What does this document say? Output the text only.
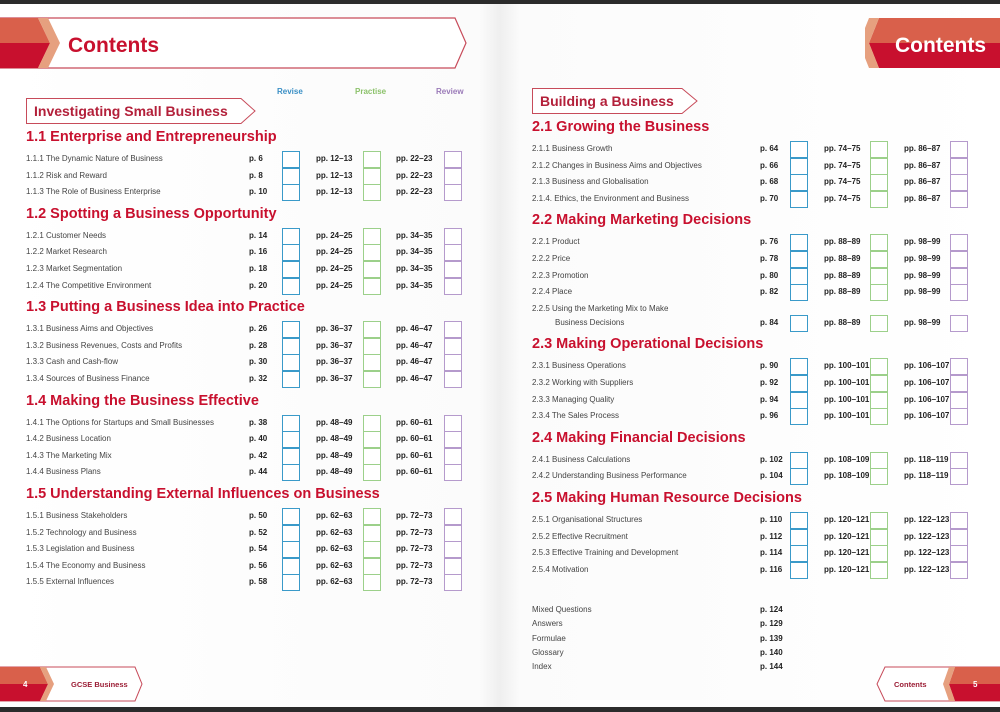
Contents
Revise	Practise	Review
Investigating Small Business
1.1 Enterprise and Entrepreneurship
1.1.1 The Dynamic Nature of Business	p. 6	pp. 12–13	pp. 22–23
1.1.2 Risk and Reward	p. 8	pp. 12–13	pp. 22–23
1.1.3 The Role of Business Enterprise	p. 10	pp. 12–13	pp. 22–23
1.2 Spotting a Business Opportunity
1.2.1 Customer Needs	p. 14	pp. 24–25	pp. 34–35
1.2.2 Market Research	p. 16	pp. 24–25	pp. 34–35
1.2.3 Market Segmentation	p. 18	pp. 24–25	pp. 34–35
1.2.4 The Competitive Environment	p. 20	pp. 24–25	pp. 34–35
1.3 Putting a Business Idea into Practice
1.3.1 Business Aims and Objectives	p. 26	pp. 36–37	pp. 46–47
1.3.2 Business Revenues, Costs and Profits	p. 28	pp. 36–37	pp. 46–47
1.3.3 Cash and Cash-flow	p. 30	pp. 36–37	pp. 46–47
1.3.4 Sources of Business Finance	p. 32	pp. 36–37	pp. 46–47
1.4 Making the Business Effective
1.4.1 The Options for Startups and Small Businesses	p. 38	pp. 48–49	pp. 60–61
1.4.2 Business Location	p. 40	pp. 48–49	pp. 60–61
1.4.3 The Marketing Mix	p. 42	pp. 48–49	pp. 60–61
1.4.4 Business Plans	p. 44	pp. 48–49	pp. 60–61
1.5 Understanding External Influences on Business
1.5.1 Business Stakeholders	p. 50	pp. 62–63	pp. 72–73
1.5.2 Technology and Business	p. 52	pp. 62–63	pp. 72–73
1.5.3 Legislation and Business	p. 54	pp. 62–63	pp. 72–73
1.5.4 The Economy and Business	p. 56	pp. 62–63	pp. 72–73
1.5.5 External Influences	p. 58	pp. 62–63	pp. 72–73
4	GCSE Business
Contents
Building a Business
2.1 Growing the Business
2.1.1 Business Growth	p. 64	pp. 74–75	pp. 86–87
2.1.2 Changes in Business Aims and Objectives	p. 66	pp. 74–75	pp. 86–87
2.1.3 Business and Globalisation	p. 68	pp. 74–75	pp. 86–87
2.1.4. Ethics, the Environment and Business	p. 70	pp. 74–75	pp. 86–87
2.2 Making Marketing Decisions
2.2.1 Product	p. 76	pp. 88–89	pp. 98–99
2.2.2 Price	p. 78	pp. 88–89	pp. 98–99
2.2.3 Promotion	p. 80	pp. 88–89	pp. 98–99
2.2.4 Place	p. 82	pp. 88–89	pp. 98–99
2.2.5 Using the Marketing Mix to Make
Business Decisions	p. 84	pp. 88–89	pp. 98–99
2.3 Making Operational Decisions
2.3.1 Business Operations	p. 90	pp. 100–101	pp. 106–107
2.3.2 Working with Suppliers	p. 92	pp. 100–101	pp. 106–107
2.3.3 Managing Quality	p. 94	pp. 100–101	pp. 106–107
2.3.4 The Sales Process	p. 96	pp. 100–101	pp. 106–107
2.4 Making Financial Decisions
2.4.1 Business Calculations	p. 102	pp. 108–109	pp. 118–119
2.4.2 Understanding Business Performance	p. 104	pp. 108–109	pp. 118–119
2.5 Making Human Resource Decisions
2.5.1 Organisational Structures	p. 110	pp. 120–121	pp. 122–123
2.5.2 Effective Recruitment	p. 112	pp. 120–121	pp. 122–123
2.5.3 Effective Training and Development	p. 114	pp. 120–121	pp. 122–123
2.5.4 Motivation	p. 116	pp. 120–121	pp. 122–123
Mixed Questions	p. 124
Answers	p. 129
Formulae	p. 139
Glossary	p. 140
Index	p. 144
Contents	5
